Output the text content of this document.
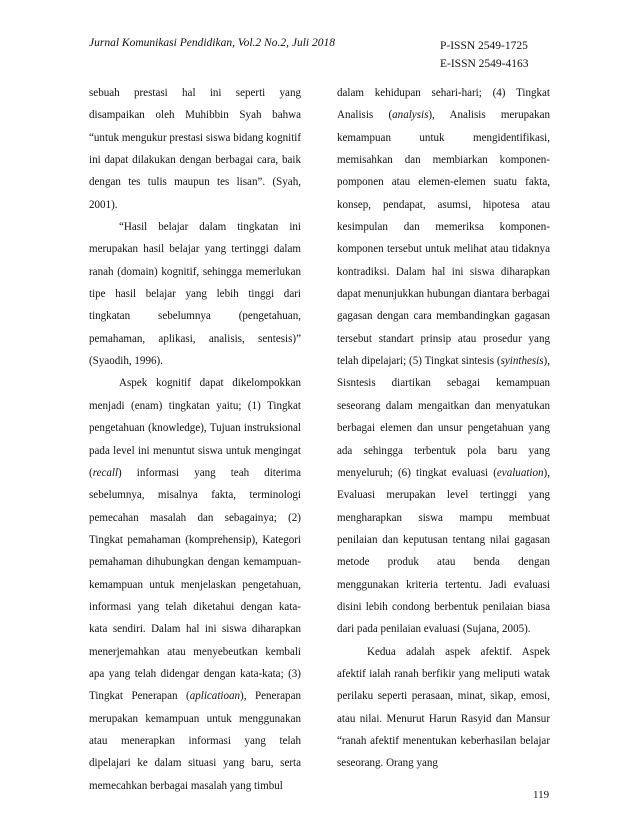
Jurnal Komunikasi Pendidikan, Vol.2 No.2, Juli 2018	P-ISSN 2549-1725
E-ISSN 2549-4163

sebuah prestasi hal ini seperti yang disampaikan oleh Muhibbin Syah bahwa “untuk mengukur prestasi siswa bidang kognitif ini dapat dilakukan dengan berbagai cara, baik dengan tes tulis maupun tes lisan”. (Syah, 2001).

“Hasil belajar dalam tingkatan ini merupakan hasil belajar yang tertinggi dalam ranah (domain) kognitif, sehingga memerlukan tipe hasil belajar yang lebih tinggi dari tingkatan sebelumnya (pengetahuan, pemahaman, aplikasi, analisis, sentesis)” (Syaodih, 1996).

Aspek kognitif dapat dikelompokkan menjadi (enam) tingkatan yaitu; (1) Tingkat pengetahuan (knowledge), Tujuan instruksional pada level ini menuntut siswa untuk mengingat (recall) informasi yang teah diterima sebelumnya, misalnya fakta, terminologi pemecahan masalah dan sebagainya; (2) Tingkat pemahaman (komprehensip), Kategori pemahaman dihubungkan dengan kemampuan-kemampuan untuk menjelaskan pengetahuan, informasi yang telah diketahui dengan kata-kata sendiri. Dalam hal ini siswa diharapkan menerjemahkan atau menyebeutkan kembali apa yang telah didengar dengan kata-kata; (3) Tingkat Penerapan (aplicatioan), Penerapan merupakan kemampuan untuk menggunakan atau menerapkan informasi yang telah dipelajari ke dalam situasi yang baru, serta memecahkan berbagai masalah yang timbul

dalam kehidupan sehari-hari; (4) Tingkat Analisis (analysis), Analisis merupakan kemampuan untuk mengidentifikasi, memisahkan dan membiarkan komponen-pomponen atau elemen-elemen suatu fakta, konsep, pendapat, asumsi, hipotesa atau kesimpulan dan memeriksa komponen-komponen tersebut untuk melihat atau tidaknya kontradiksi. Dalam hal ini siswa diharapkan dapat menunjukkan hubungan diantara berbagai gagasan dengan cara membandingkan gagasan tersebut standart prinsip atau prosedur yang telah dipelajari; (5) Tingkat sintesis (syinthesis), Sisntesis diartikan sebagai kemampuan seseorang dalam mengaitkan dan menyatukan berbagai elemen dan unsur pengetahuan yang ada sehingga terbentuk pola baru yang menyeluruh; (6) tingkat evaluasi (evaluation), Evaluasi merupakan level tertinggi yang mengharapkan siswa mampu membuat penilaian dan keputusan tentang nilai gagasan metode produk atau benda dengan menggunakan kriteria tertentu. Jadi evaluasi disini lebih condong berbentuk penilaian biasa dari pada penilaian evaluasi (Sujana, 2005).

Kedua adalah aspek afektif. Aspek afektif ialah ranah berfikir yang meliputi watak perilaku seperti perasaan, minat, sikap, emosi, atau nilai. Menurut Harun Rasyid dan Mansur “ranah afektif menentukan keberhasilan belajar seseorang. Orang yang

119
